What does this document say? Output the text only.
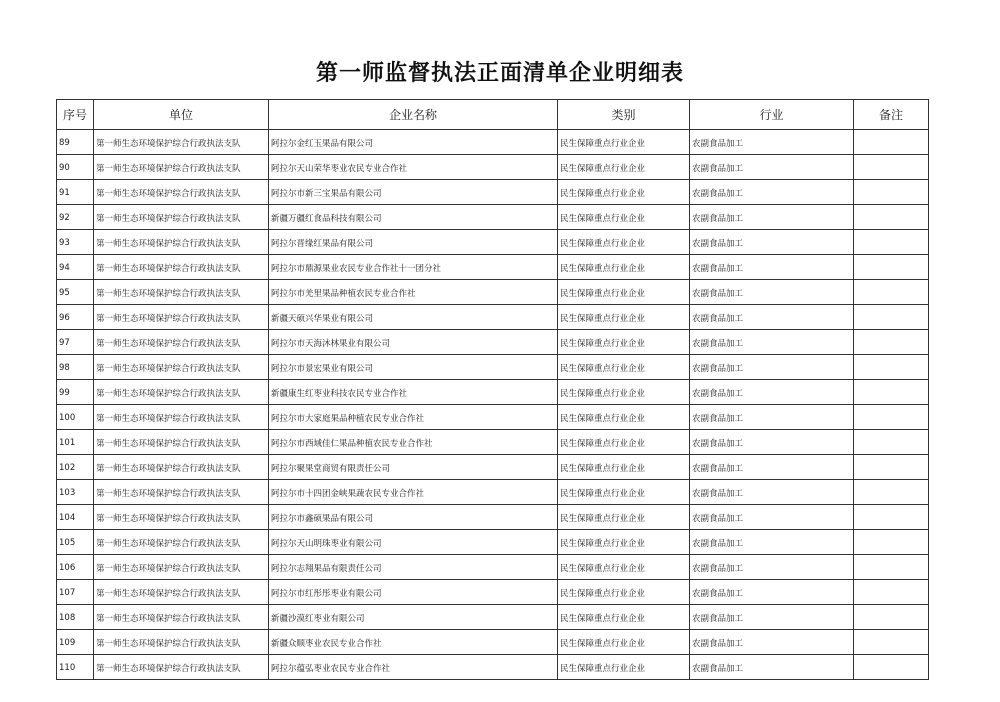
第一师监督执法正面清单企业明细表
序号	单位	企业名称	类别	行业	备注
89	第一师生态环境保护综合行政执法支队	阿拉尔金红玉果品有限公司	民生保障重点行业企业	农副食品加工	
90	第一师生态环境保护综合行政执法支队	阿拉尔天山荣华枣业农民专业合作社	民生保障重点行业企业	农副食品加工	
91	第一师生态环境保护综合行政执法支队	阿拉尔市新三宝果品有限公司	民生保障重点行业企业	农副食品加工	
92	第一师生态环境保护综合行政执法支队	新疆万疆红食品科技有限公司	民生保障重点行业企业	农副食品加工	
93	第一师生态环境保护综合行政执法支队	阿拉尔晋缘红果品有限公司	民生保障重点行业企业	农副食品加工	
94	第一师生态环境保护综合行政执法支队	阿拉尔市鼎源果业农民专业合作社十一团分社	民生保障重点行业企业	农副食品加工	
95	第一师生态环境保护综合行政执法支队	阿拉尔市羌里果品种植农民专业合作社	民生保障重点行业企业	农副食品加工	
96	第一师生态环境保护综合行政执法支队	新疆天硕兴华果业有限公司	民生保障重点行业企业	农副食品加工	
97	第一师生态环境保护综合行政执法支队	阿拉尔市天海沐林果业有限公司	民生保障重点行业企业	农副食品加工	
98	第一师生态环境保护综合行政执法支队	阿拉尔市景宏果业有限公司	民生保障重点行业企业	农副食品加工	
99	第一师生态环境保护综合行政执法支队	新疆康生红枣业科技农民专业合作社	民生保障重点行业企业	农副食品加工	
100	第一师生态环境保护综合行政执法支队	阿拉尔市大家庭果品种植农民专业合作社	民生保障重点行业企业	农副食品加工	
101	第一师生态环境保护综合行政执法支队	阿拉尔市西域佳仁果品种植农民专业合作社	民生保障重点行业企业	农副食品加工	
102	第一师生态环境保护综合行政执法支队	阿拉尔聚果堂商贸有限责任公司	民生保障重点行业企业	农副食品加工	
103	第一师生态环境保护综合行政执法支队	阿拉尔市十四团金峡果蔬农民专业合作社	民生保障重点行业企业	农副食品加工	
104	第一师生态环境保护综合行政执法支队	阿拉尔市鑫硕果品有限公司	民生保障重点行业企业	农副食品加工	
105	第一师生态环境保护综合行政执法支队	阿拉尔天山明珠枣业有限公司	民生保障重点行业企业	农副食品加工	
106	第一师生态环境保护综合行政执法支队	阿拉尔志翔果品有限责任公司	民生保障重点行业企业	农副食品加工	
107	第一师生态环境保护综合行政执法支队	阿拉尔市红彤彤枣业有限公司	民生保障重点行业企业	农副食品加工	
108	第一师生态环境保护综合行政执法支队	新疆沙漠红枣业有限公司	民生保障重点行业企业	农副食品加工	
109	第一师生态环境保护综合行政执法支队	新疆众顺枣业农民专业合作社	民生保障重点行业企业	农副食品加工	
110	第一师生态环境保护综合行政执法支队	阿拉尔蕴弘枣业农民专业合作社	民生保障重点行业企业	农副食品加工	
